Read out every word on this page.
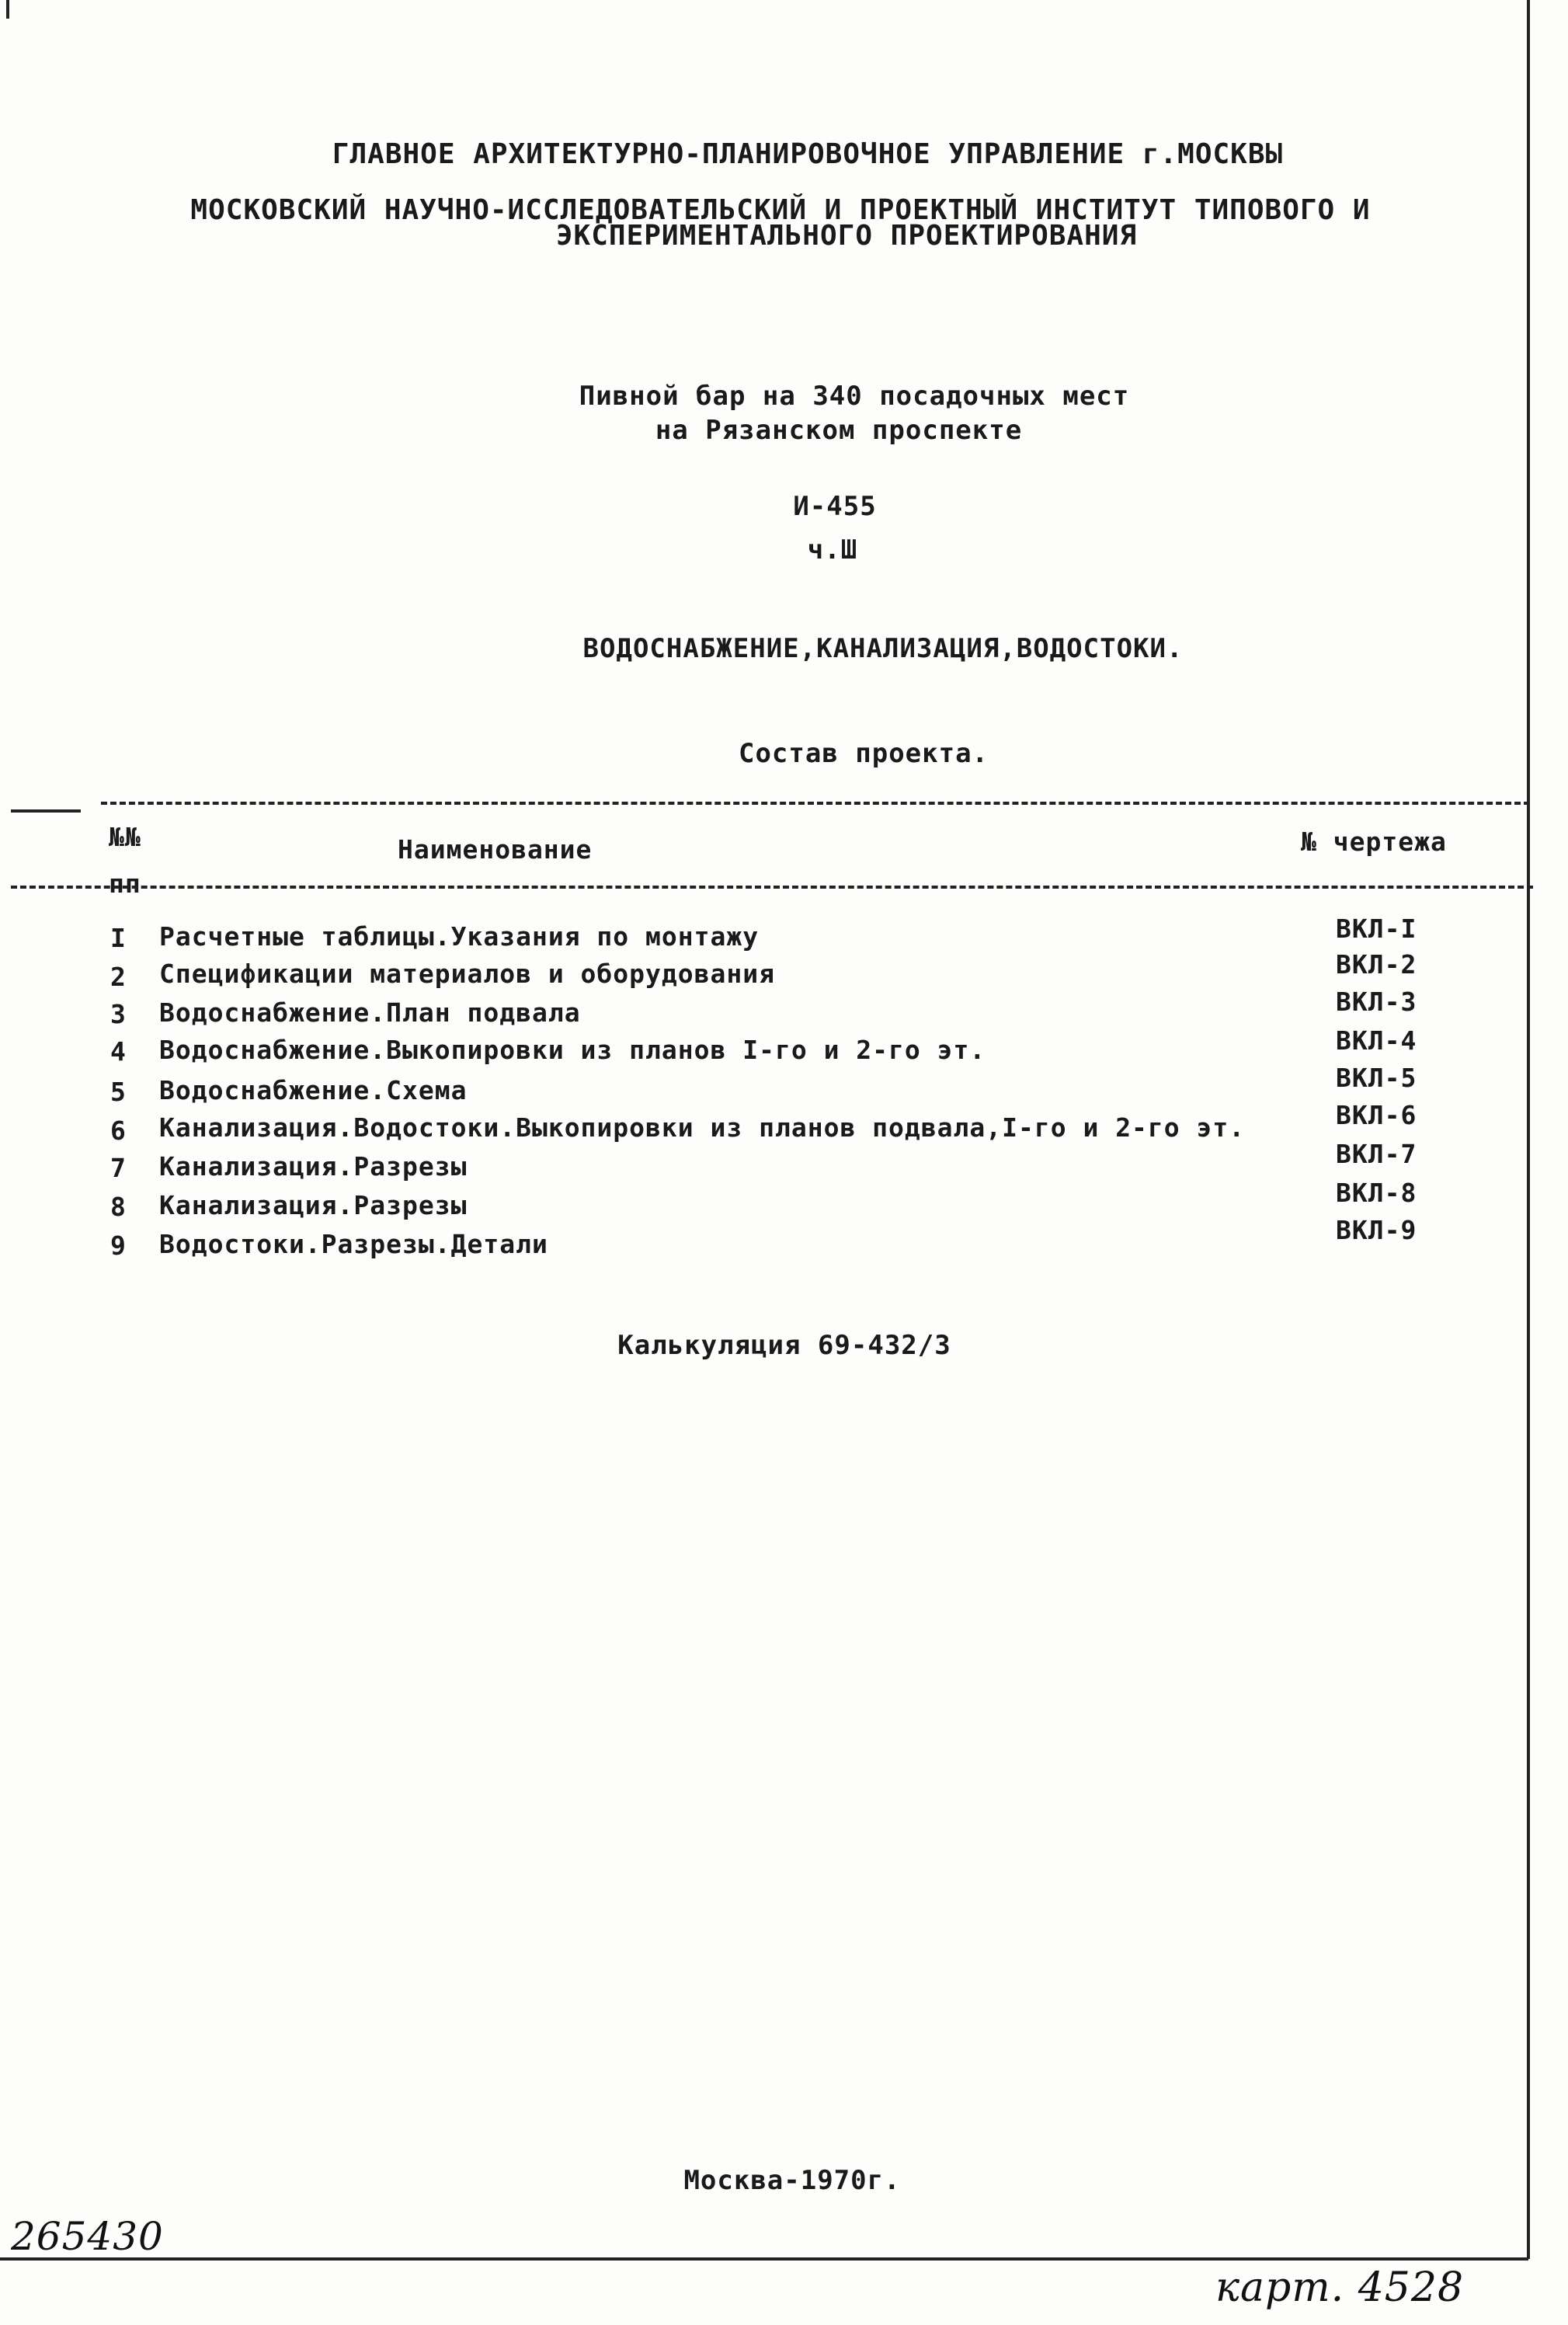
ГЛАВНОЕ АРХИТЕКТУРНО-ПЛАНИРОВОЧНОЕ УПРАВЛЕНИЕ г.МОСКВЫ
МОСКОВСКИЙ НАУЧНО-ИССЛЕДОВАТЕЛЬСКИЙ И ПРОЕКТНЫЙ ИНСТИТУТ ТИПОВОГО И
ЭКСПЕРИМЕНТАЛЬНОГО ПРОЕКТИРОВАНИЯ
Пивной бар на 340 посадочных мест
на Рязанском проспекте
И-455
ч.Ш
ВОДОСНАБЖЕНИЕ,КАНАЛИЗАЦИЯ,ВОДОСТОКИ.
Состав проекта.
№№
пп
Наименование	№ чертежа
I Расчетные таблицы.Указания по монтажу	ВКЛ-I
2 Спецификации материалов и оборудования	ВКЛ-2
3 Водоснабжение.План подвала	ВКЛ-3
4 Водоснабжение.Выкопировки из планов I-го и 2-го эт.	ВКЛ-4
5 Водоснабжение.Схема	ВКЛ-5
6 Канализация.Водостоки.Выкопировки из планов подвала,I-го и 2-го эт.	ВКЛ-6
7 Канализация.Разрезы	ВКЛ-7
8 Канализация.Разрезы	ВКЛ-8
9 Водостоки.Разрезы.Детали	ВКЛ-9
Калькуляция 69-432/3
Москва-1970г.
265430
карт. 4528
